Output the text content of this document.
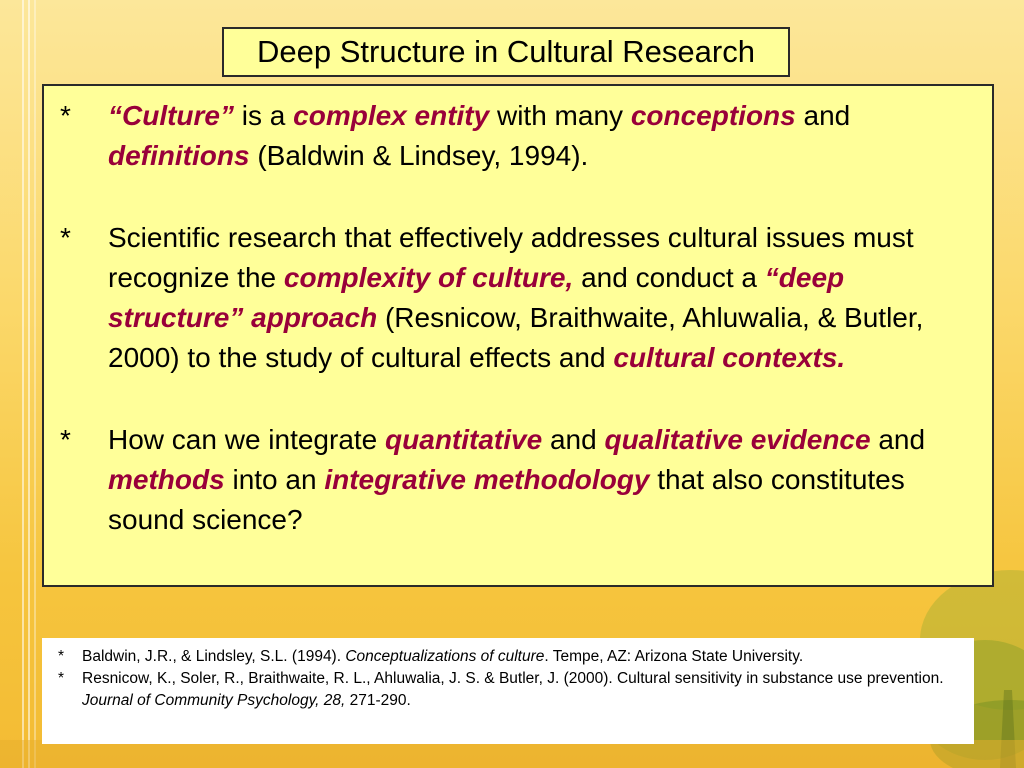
Deep Structure in Cultural Research
*	“Culture” is a complex entity with many conceptions and definitions (Baldwin & Lindsey, 1994).
*	Scientific research that effectively addresses cultural issues must recognize the complexity of culture, and conduct a “deep structure” approach (Resnicow, Braithwaite, Ahluwalia, & Butler, 2000) to the study of cultural effects and cultural contexts.
*	How can we integrate quantitative and qualitative evidence and methods into an integrative methodology that also constitutes sound science?
*	Baldwin, J.R., & Lindsley, S.L. (1994). Conceptualizations of culture. Tempe, AZ: Arizona State University.
*	Resnicow, K., Soler, R., Braithwaite, R. L., Ahluwalia, J. S. & Butler, J. (2000). Cultural sensitivity in substance use prevention. Journal of Community Psychology, 28, 271-290.
